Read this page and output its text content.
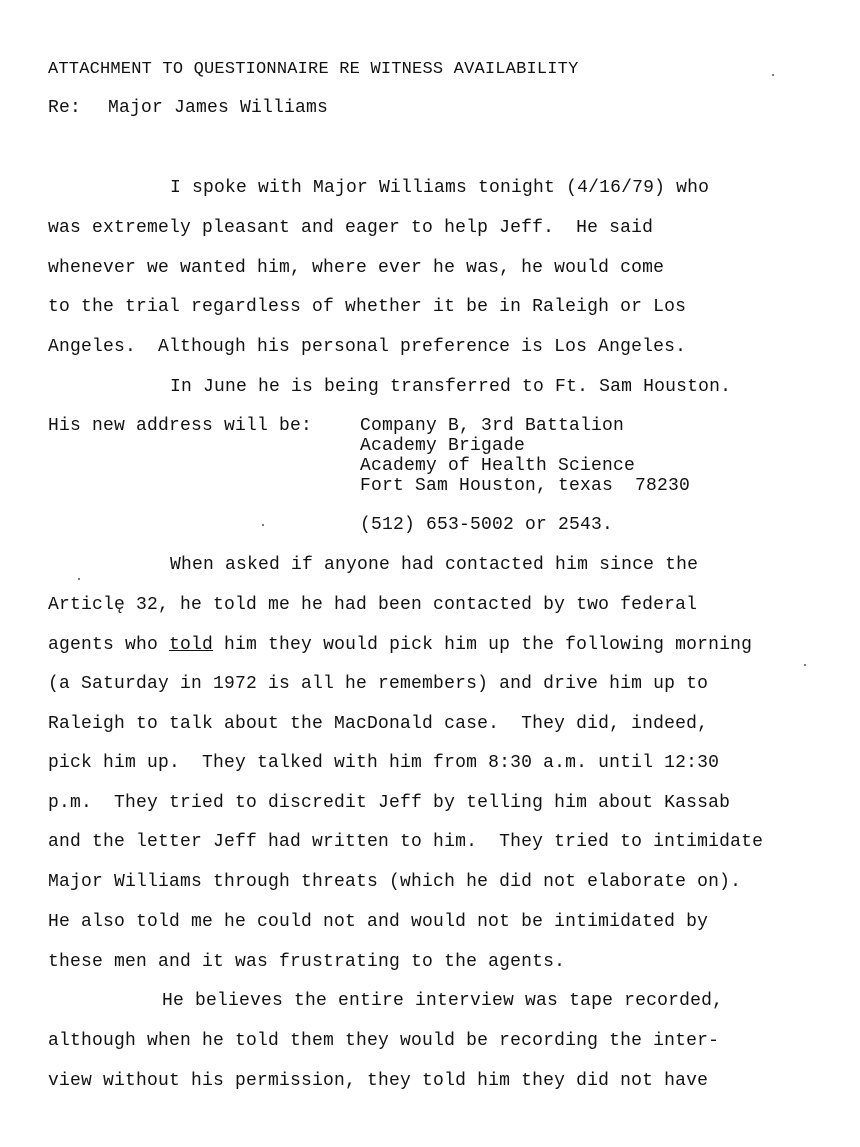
ATTACHMENT TO QUESTIONNAIRE RE WITNESS AVAILABILITY
Re: Major James Williams
I spoke with Major Williams tonight (4/16/79) who
was extremely pleasant and eager to help Jeff.  He said
whenever we wanted him, where ever he was, he would come
to the trial regardless of whether it be in Raleigh or Los
Angeles.  Although his personal preference is Los Angeles.
In June he is being transferred to Ft. Sam Houston.
His new address will be:	Company B, 3rd Battalion
Academy Brigade
Academy of Health Science
Fort Sam Houston, texas  78230
(512) 653-5002 or 2543.
When asked if anyone had contacted him since the
Articlę 32, he told me he had been contacted by two federal
agents who told him they would pick him up the following morning
(a Saturday in 1972 is all he remembers) and drive him up to
Raleigh to talk about the MacDonald case.  They did, indeed,
pick him up.  They talked with him from 8:30 a.m. until 12:30
p.m.  They tried to discredit Jeff by telling him about Kassab
and the letter Jeff had written to him.  They tried to intimidate
Major Williams through threats (which he did not elaborate on).
He also told me he could not and would not be intimidated by
these men and it was frustrating to the agents.
He believes the entire interview was tape recorded,
although when he told them they would be recording the inter-
view without his permission, they told him they did not have
